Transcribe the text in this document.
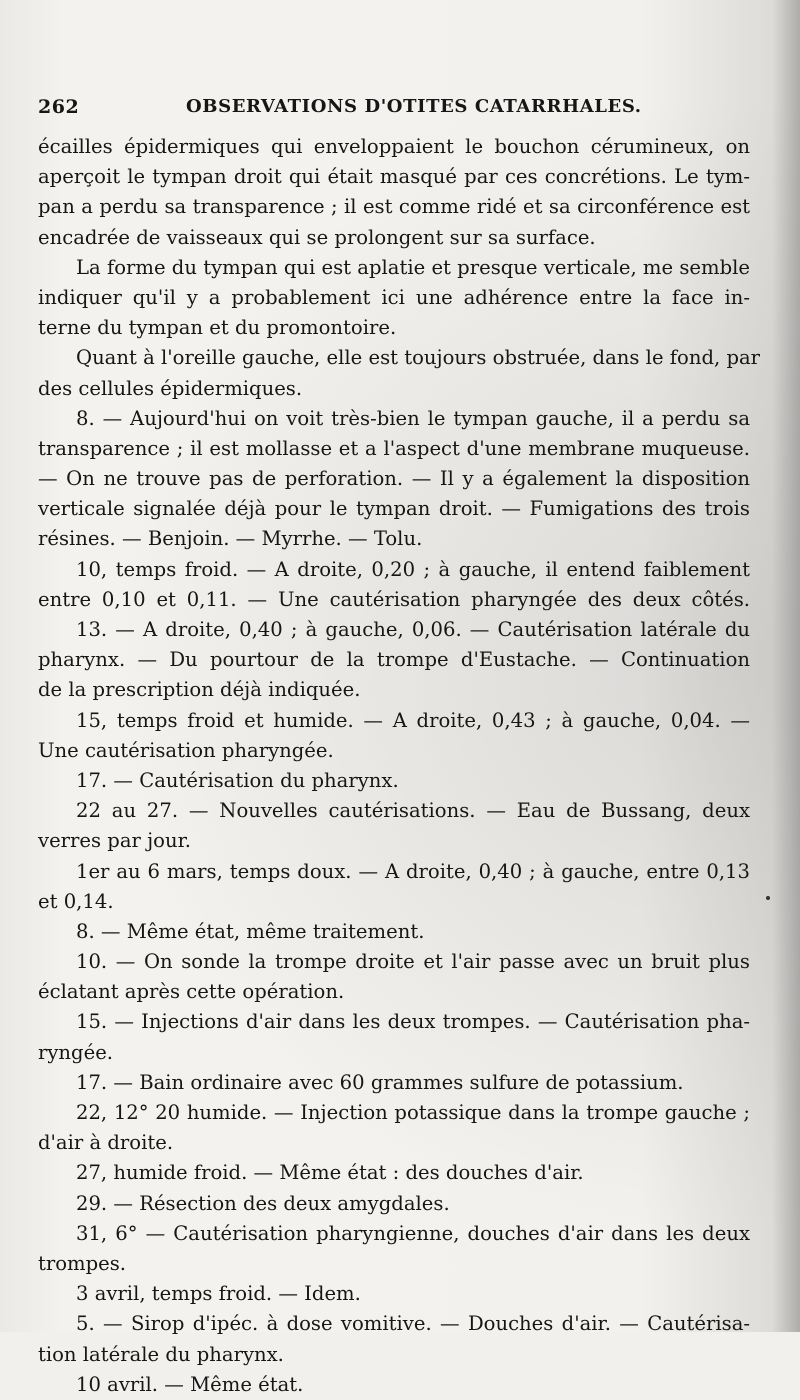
262	OBSERVATIONS D'OTITES CATARRHALES.
écailles épidermiques qui enveloppaient le bouchon cérumineux, on
aperçoit le tympan droit qui était masqué par ces concrétions. Le tym-
pan a perdu sa transparence ; il est comme ridé et sa circonférence est
encadrée de vaisseaux qui se prolongent sur sa surface.
La forme du tympan qui est aplatie et presque verticale, me semble
indiquer qu'il y a probablement ici une adhérence entre la face in-
terne du tympan et du promontoire.
Quant à l'oreille gauche, elle est toujours obstruée, dans le fond, par
des cellules épidermiques.
8. — Aujourd'hui on voit très-bien le tympan gauche, il a perdu sa
transparence ; il est mollasse et a l'aspect d'une membrane muqueuse.
— On ne trouve pas de perforation. — Il y a également la disposition
verticale signalée déjà pour le tympan droit. — Fumigations des trois
résines. — Benjoin. — Myrrhe. — Tolu.
10, temps froid. — A droite, 0,20 ; à gauche, il entend faiblement
entre 0,10 et 0,11. — Une cautérisation pharyngée des deux côtés.
13. — A droite, 0,40 ; à gauche, 0,06. — Cautérisation latérale du
pharynx. — Du pourtour de la trompe d'Eustache. — Continuation
de la prescription déjà indiquée.
15, temps froid et humide. — A droite, 0,43 ; à gauche, 0,04. —
Une cautérisation pharyngée.
17. — Cautérisation du pharynx.
22 au 27. — Nouvelles cautérisations. — Eau de Bussang, deux
verres par jour.
1er au 6 mars, temps doux. — A droite, 0,40 ; à gauche, entre 0,13
et 0,14.
8. — Même état, même traitement.
10. — On sonde la trompe droite et l'air passe avec un bruit plus
éclatant après cette opération.
15. — Injections d'air dans les deux trompes. — Cautérisation pha-
ryngée.
17. — Bain ordinaire avec 60 grammes sulfure de potassium.
22, 12° 20 humide. — Injection potassique dans la trompe gauche ;
d'air à droite.
27, humide froid. — Même état : des douches d'air.
29. — Résection des deux amygdales.
31, 6° — Cautérisation pharyngienne, douches d'air dans les deux
trompes.
3 avril, temps froid. — Idem.
5. — Sirop d'ipéc. à dose vomitive. — Douches d'air. — Cautérisa-
tion latérale du pharynx.
10 avril. — Même état.
